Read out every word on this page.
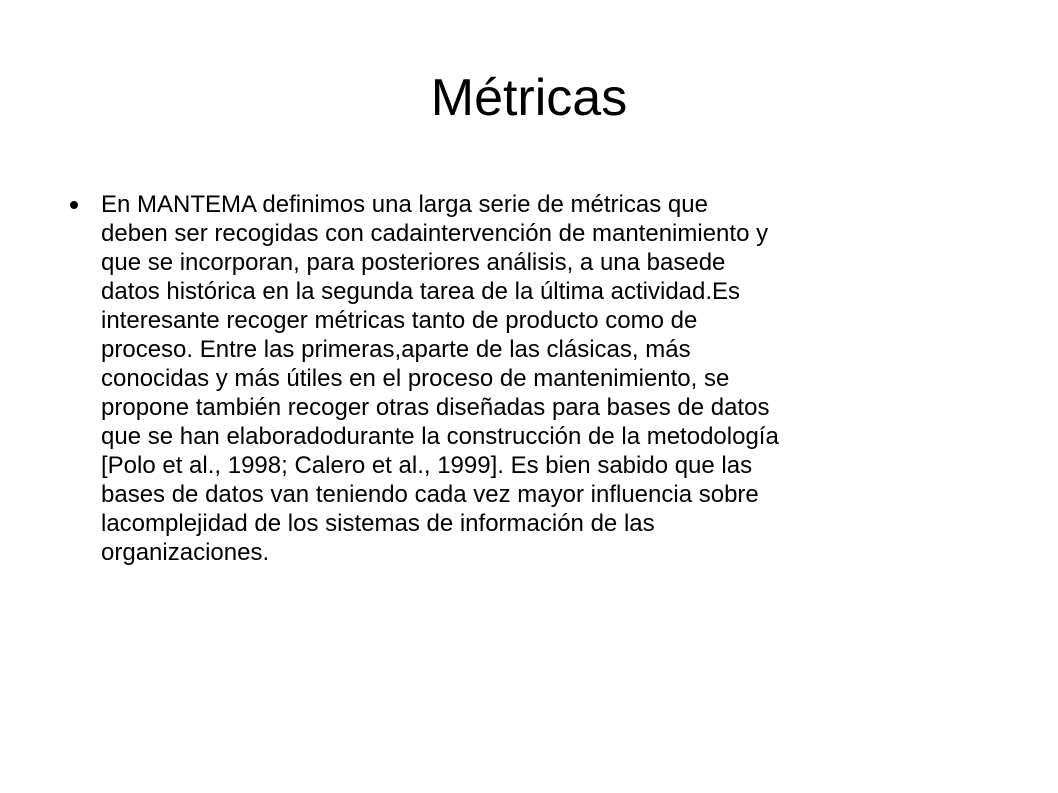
Métricas
En MANTEMA definimos una larga serie de métricas que
deben ser recogidas con cadaintervención de mantenimiento y
que se incorporan, para posteriores análisis, a una basede
datos histórica en la segunda tarea de la última actividad.Es
interesante recoger métricas tanto de producto como de
proceso. Entre las primeras,aparte de las clásicas, más
conocidas y más útiles en el proceso de mantenimiento, se
propone también recoger otras diseñadas para bases de datos
que se han elaboradodurante la construcción de la metodología
[Polo et al., 1998; Calero et al., 1999]. Es bien sabido que las
bases de datos van teniendo cada vez mayor influencia sobre
lacomplejidad de los sistemas de información de las
organizaciones.
